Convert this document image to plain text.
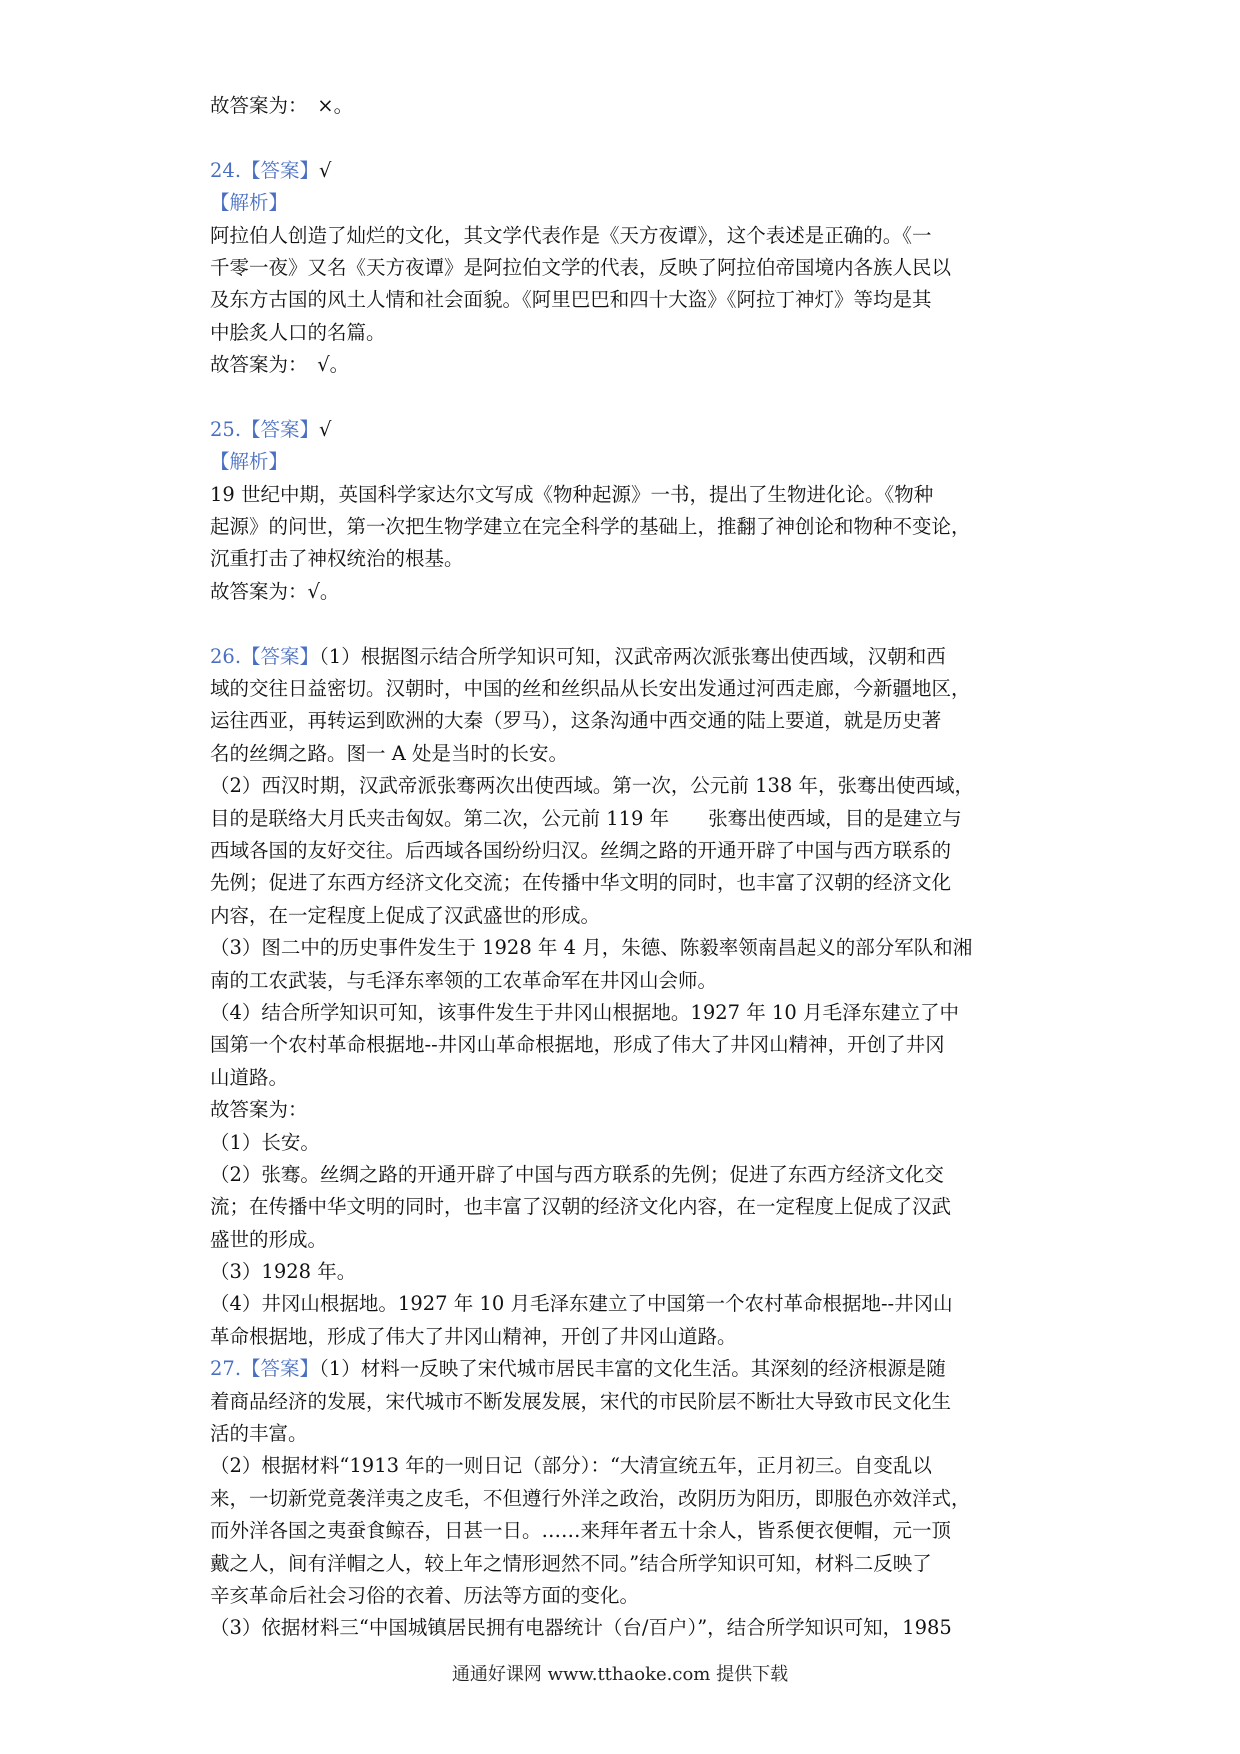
故答案为：　×。
24.【答案】√
【解析】
阿拉伯人创造了灿烂的文化，其文学代表作是《天方夜谭》，这个表述是正确的。《一
千零一夜》又名《天方夜谭》是阿拉伯文学的代表，反映了阿拉伯帝国境内各族人民以
及东方古国的风土人情和社会面貌。《阿里巴巴和四十大盗》《阿拉丁神灯》等均是其
中脍炙人口的名篇。
故答案为：　√。
25.【答案】√
【解析】
19 世纪中期，英国科学家达尔文写成《物种起源》一书，提出了生物进化论。《物种
起源》的问世，第一次把生物学建立在完全科学的基础上，推翻了神创论和物种不变论，
沉重打击了神权统治的根基。
故答案为：√。
26.【答案】（1）根据图示结合所学知识可知，汉武帝两次派张骞出使西域，汉朝和西
域的交往日益密切。汉朝时，中国的丝和丝织品从长安出发通过河西走廊，今新疆地区，
运往西亚，再转运到欧洲的大秦（罗马），这条沟通中西交通的陆上要道，就是历史著
名的丝绸之路。图一 A 处是当时的长安。
（2）西汉时期，汉武帝派张骞两次出使西域。第一次，公元前 138 年，张骞出使西域，
目的是联络大月氏夹击匈奴。第二次，公元前 119 年　　张骞出使西域，目的是建立与
西域各国的友好交往。后西域各国纷纷归汉。丝绸之路的开通开辟了中国与西方联系的
先例；促进了东西方经济文化交流；在传播中华文明的同时，也丰富了汉朝的经济文化
内容，在一定程度上促成了汉武盛世的形成。
（3）图二中的历史事件发生于 1928 年 4 月，朱德、陈毅率领南昌起义的部分军队和湘
南的工农武装，与毛泽东率领的工农革命军在井冈山会师。
（4）结合所学知识可知，该事件发生于井冈山根据地。1927 年 10 月毛泽东建立了中
国第一个农村革命根据地--井冈山革命根据地，形成了伟大了井冈山精神，开创了井冈
山道路。
故答案为：
（1）长安。
（2）张骞。丝绸之路的开通开辟了中国与西方联系的先例；促进了东西方经济文化交
流；在传播中华文明的同时，也丰富了汉朝的经济文化内容，在一定程度上促成了汉武
盛世的形成。
（3）1928 年。
（4）井冈山根据地。1927 年 10 月毛泽东建立了中国第一个农村革命根据地--井冈山
革命根据地，形成了伟大了井冈山精神，开创了井冈山道路。
27.【答案】（1）材料一反映了宋代城市居民丰富的文化生活。其深刻的经济根源是随
着商品经济的发展，宋代城市不断发展发展，宋代的市民阶层不断壮大导致市民文化生
活的丰富。
（2）根据材料“1913 年的一则日记（部分）：“大清宣统五年，正月初三。自变乱以
来，一切新党竟袭洋夷之皮毛，不但遵行外洋之政治，改阴历为阳历，即服色亦效洋式，
而外洋各国之夷蚕食鲸吞，日甚一日。……来拜年者五十余人，皆系便衣便帽，元一顶
戴之人，间有洋帽之人，较上年之情形迥然不同。”结合所学知识可知，材料二反映了
辛亥革命后社会习俗的衣着、历法等方面的变化。
（3）依据材料三“中国城镇居民拥有电器统计（台/百户）”，结合所学知识可知，1985
通通好课网 www.tthaoke.com 提供下载
